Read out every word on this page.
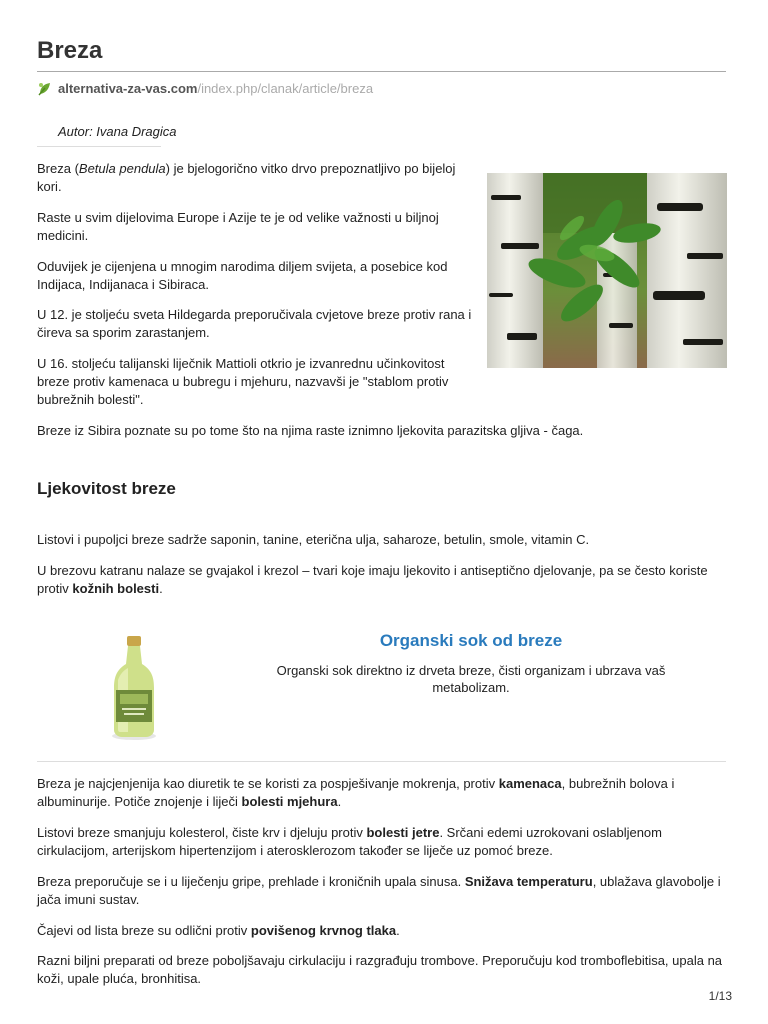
Breza
alternativa-za-vas.com /index.php/clanak/article/breza
Autor: Ivana Dragica

Breza (Betula pendula) je bjelogorično vitko drvo prepoznatljivo po bijeloj kori.

Raste u svim dijelovima Europe i Azije te je od velike važnosti u biljnoj medicini.

Oduvijek je cijenjena u mnogim narodima diljem svijeta, a posebice kod Indijaca, Indijanaca i Sibiraca.

U 12. je stoljeću sveta Hildegarda preporučivala cvjetove breze protiv rana i čireva sa sporim zarastanjem.

U 16. stoljeću talijanski liječnik Mattioli otkrio je izvanrednu učinkovitost breze protiv kamenaca u bubregu i mjehuru, nazvavši je "stablom protiv bubrežnih bolesti".

Breze iz Sibira poznate su po tome što na njima raste iznimno ljekovita parazitska gljiva - čaga.

Ljekovitost breze

Listovi i pupoljci breze sadrže saponin, tanine, eterična ulja, saharoze, betulin, smole, vitamin C.

U brezovu katranu nalaze se gvajakol i krezol – tvari koje imaju ljekovito i antiseptično djelovanje, pa se često koriste protiv kožnih bolesti.

Organski sok od breze
Organski sok direktno iz drveta breze, čisti organizam i ubrzava vaš metabolizam.

Breza je najcjenjenija kao diuretik te se koristi za pospješivanje mokrenja, protiv kamenaca, bubrežnih bolova i albuminurije. Potiče znojenje i liječi bolesti mjehura.

Listovi breze smanjuju kolesterol, čiste krv i djeluju protiv bolesti jetre. Srčani edemi uzrokovani oslabljenom cirkulacijom, arterijskom hipertenzijom i aterosklerozom također se liječe uz pomoć breze.

Breza preporučuje se i u liječenju gripe, prehlade i kroničnih upala sinusa. Snižava temperaturu, ublažava glavobolje i jača imuni sustav.

Čajevi od lista breze su odlični protiv povišenog krvnog tlaka.

Razni biljni preparati od breze poboljšavaju cirkulaciju i razgrađuju trombove. Preporučuju kod tromboflebitisa, upala na koži, upale pluća, bronhitisa.

1/13
